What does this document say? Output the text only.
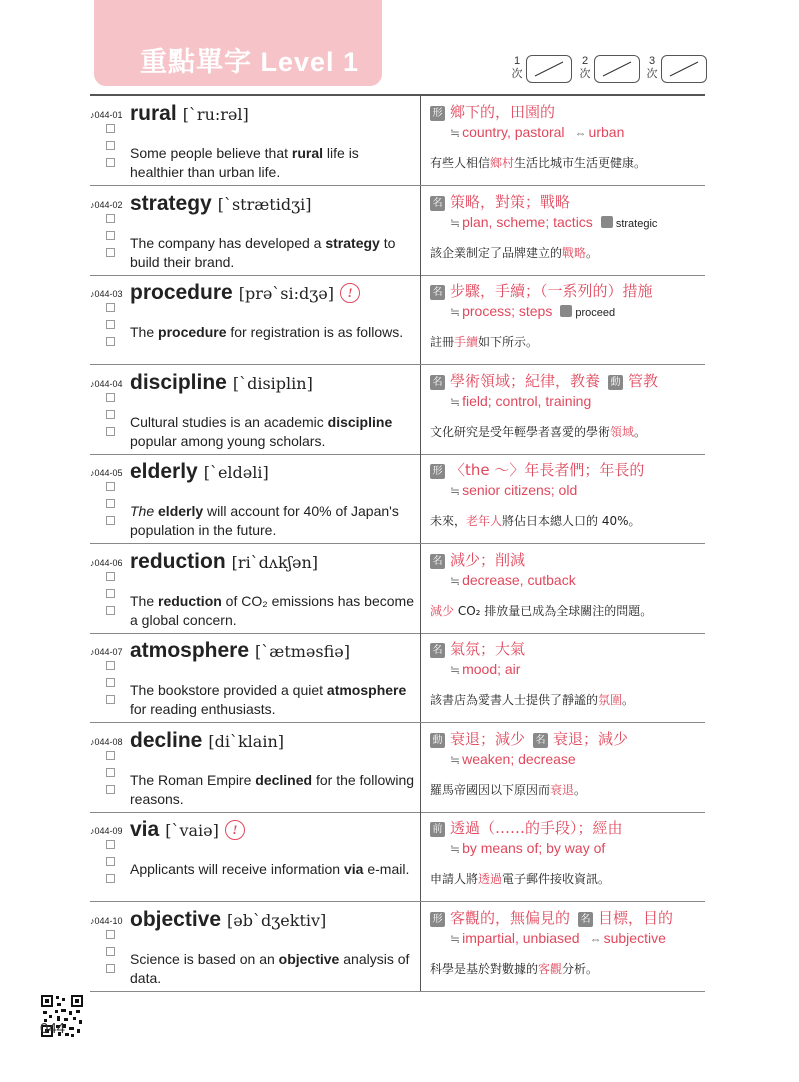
重點單字 Level 1	1
次
2
次
3
次
♪044-01 rural [ˋru:rəl]
Some people believe that rural life is healthier than urban life.
形 鄉下的，田園的
≒ country, pastoral ⇔ urban
有些人相信鄉村生活比城市生活更健康。
♪044-02 strategy [ˋstrætidʒi]
The company has developed a strategy to build their brand.
名 策略，對策；戰略
≒ plan, scheme; tactics strategic
該企業制定了品牌建立的戰略。
♪044-03 procedure [prəˋsi:dʒə] !
The procedure for registration is as follows.
名 步驟，手續；（一系列的）措施
≒ process; steps proceed
註冊手續如下所示。
♪044-04 discipline [ˋdisiplin]
Cultural studies is an academic discipline popular among young scholars.
名 學術領域；紀律，教養 動 管教
≒ field; control, training
文化研究是受年輕學者喜愛的學術領域。
♪044-05 elderly [ˋeldəli]
The elderly will account for 40% of Japan's population in the future.
形 〈the ～〉年長者們；年長的
≒ senior citizens; old
未來，老年人將佔日本總人口的 40%。
♪044-06 reduction [riˋdʌkʃən]
The reduction of CO₂ emissions has become a global concern.
名 減少；削減
≒ decrease, cutback
減少 CO₂ 排放量已成為全球關注的問題。
♪044-07 atmosphere [ˋætməsfiə]
The bookstore provided a quiet atmosphere for reading enthusiasts.
名 氣氛；大氣
≒ mood; air
該書店為愛書人士提供了靜謐的氛圍。
♪044-08 decline [diˋklain]
The Roman Empire declined for the following reasons.
動 衰退；減少 名 衰退；減少
≒ weaken; decrease
羅馬帝國因以下原因而衰退。
♪044-09 via [ˋvaiə] !
Applicants will receive information via e-mail.
前 透過（……的手段）；經由
≒ by means of; by way of
申請人將透過電子郵件接收資訊。
♪044-10 objective [əbˋdʒektiv]
Science is based on an objective analysis of data.
形 客觀的，無偏見的 名 目標，目的
≒ impartial, unbiased ⇔ subjective
科學是基於對數據的客觀分析。
044
